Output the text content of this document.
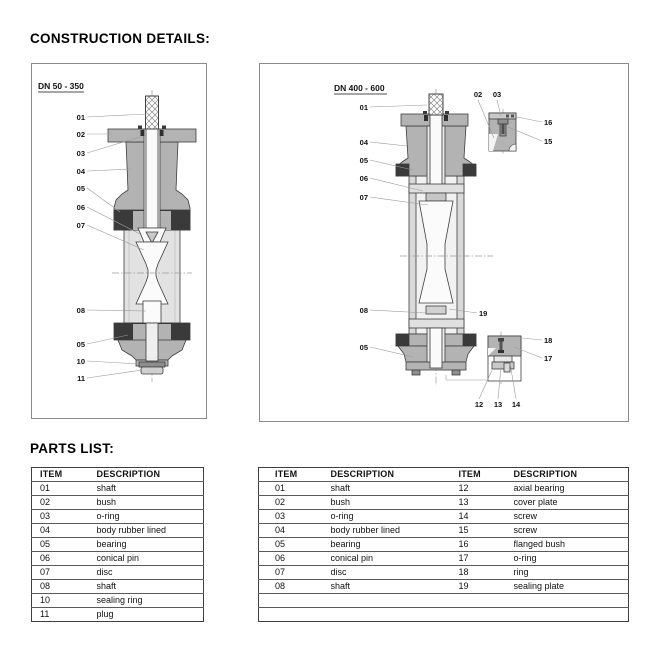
CONSTRUCTION DETAILS:
DN 50 - 350
01
02
03
04
05
06
07
08
05
10
11
DN 400 - 600
01
04
05
06
07
08
05
02 03
16
15
19
18
17
12 13 14
PARTS LIST:
ITEM	DESCRIPTION
01	shaft
02	bush
03	o-ring
04	body rubber lined
05	bearing
06	conical pin
07	disc
08	shaft
10	sealing ring
11	plug
ITEM	DESCRIPTION	ITEM	DESCRIPTION
01	shaft	12	axial bearing
02	bush	13	cover plate
03	o-ring	14	screw
04	body rubber lined	15	screw
05	bearing	16	flanged bush
06	conical pin	17	o-ring
07	disc	18	ring
08	shaft	19	sealing plate
